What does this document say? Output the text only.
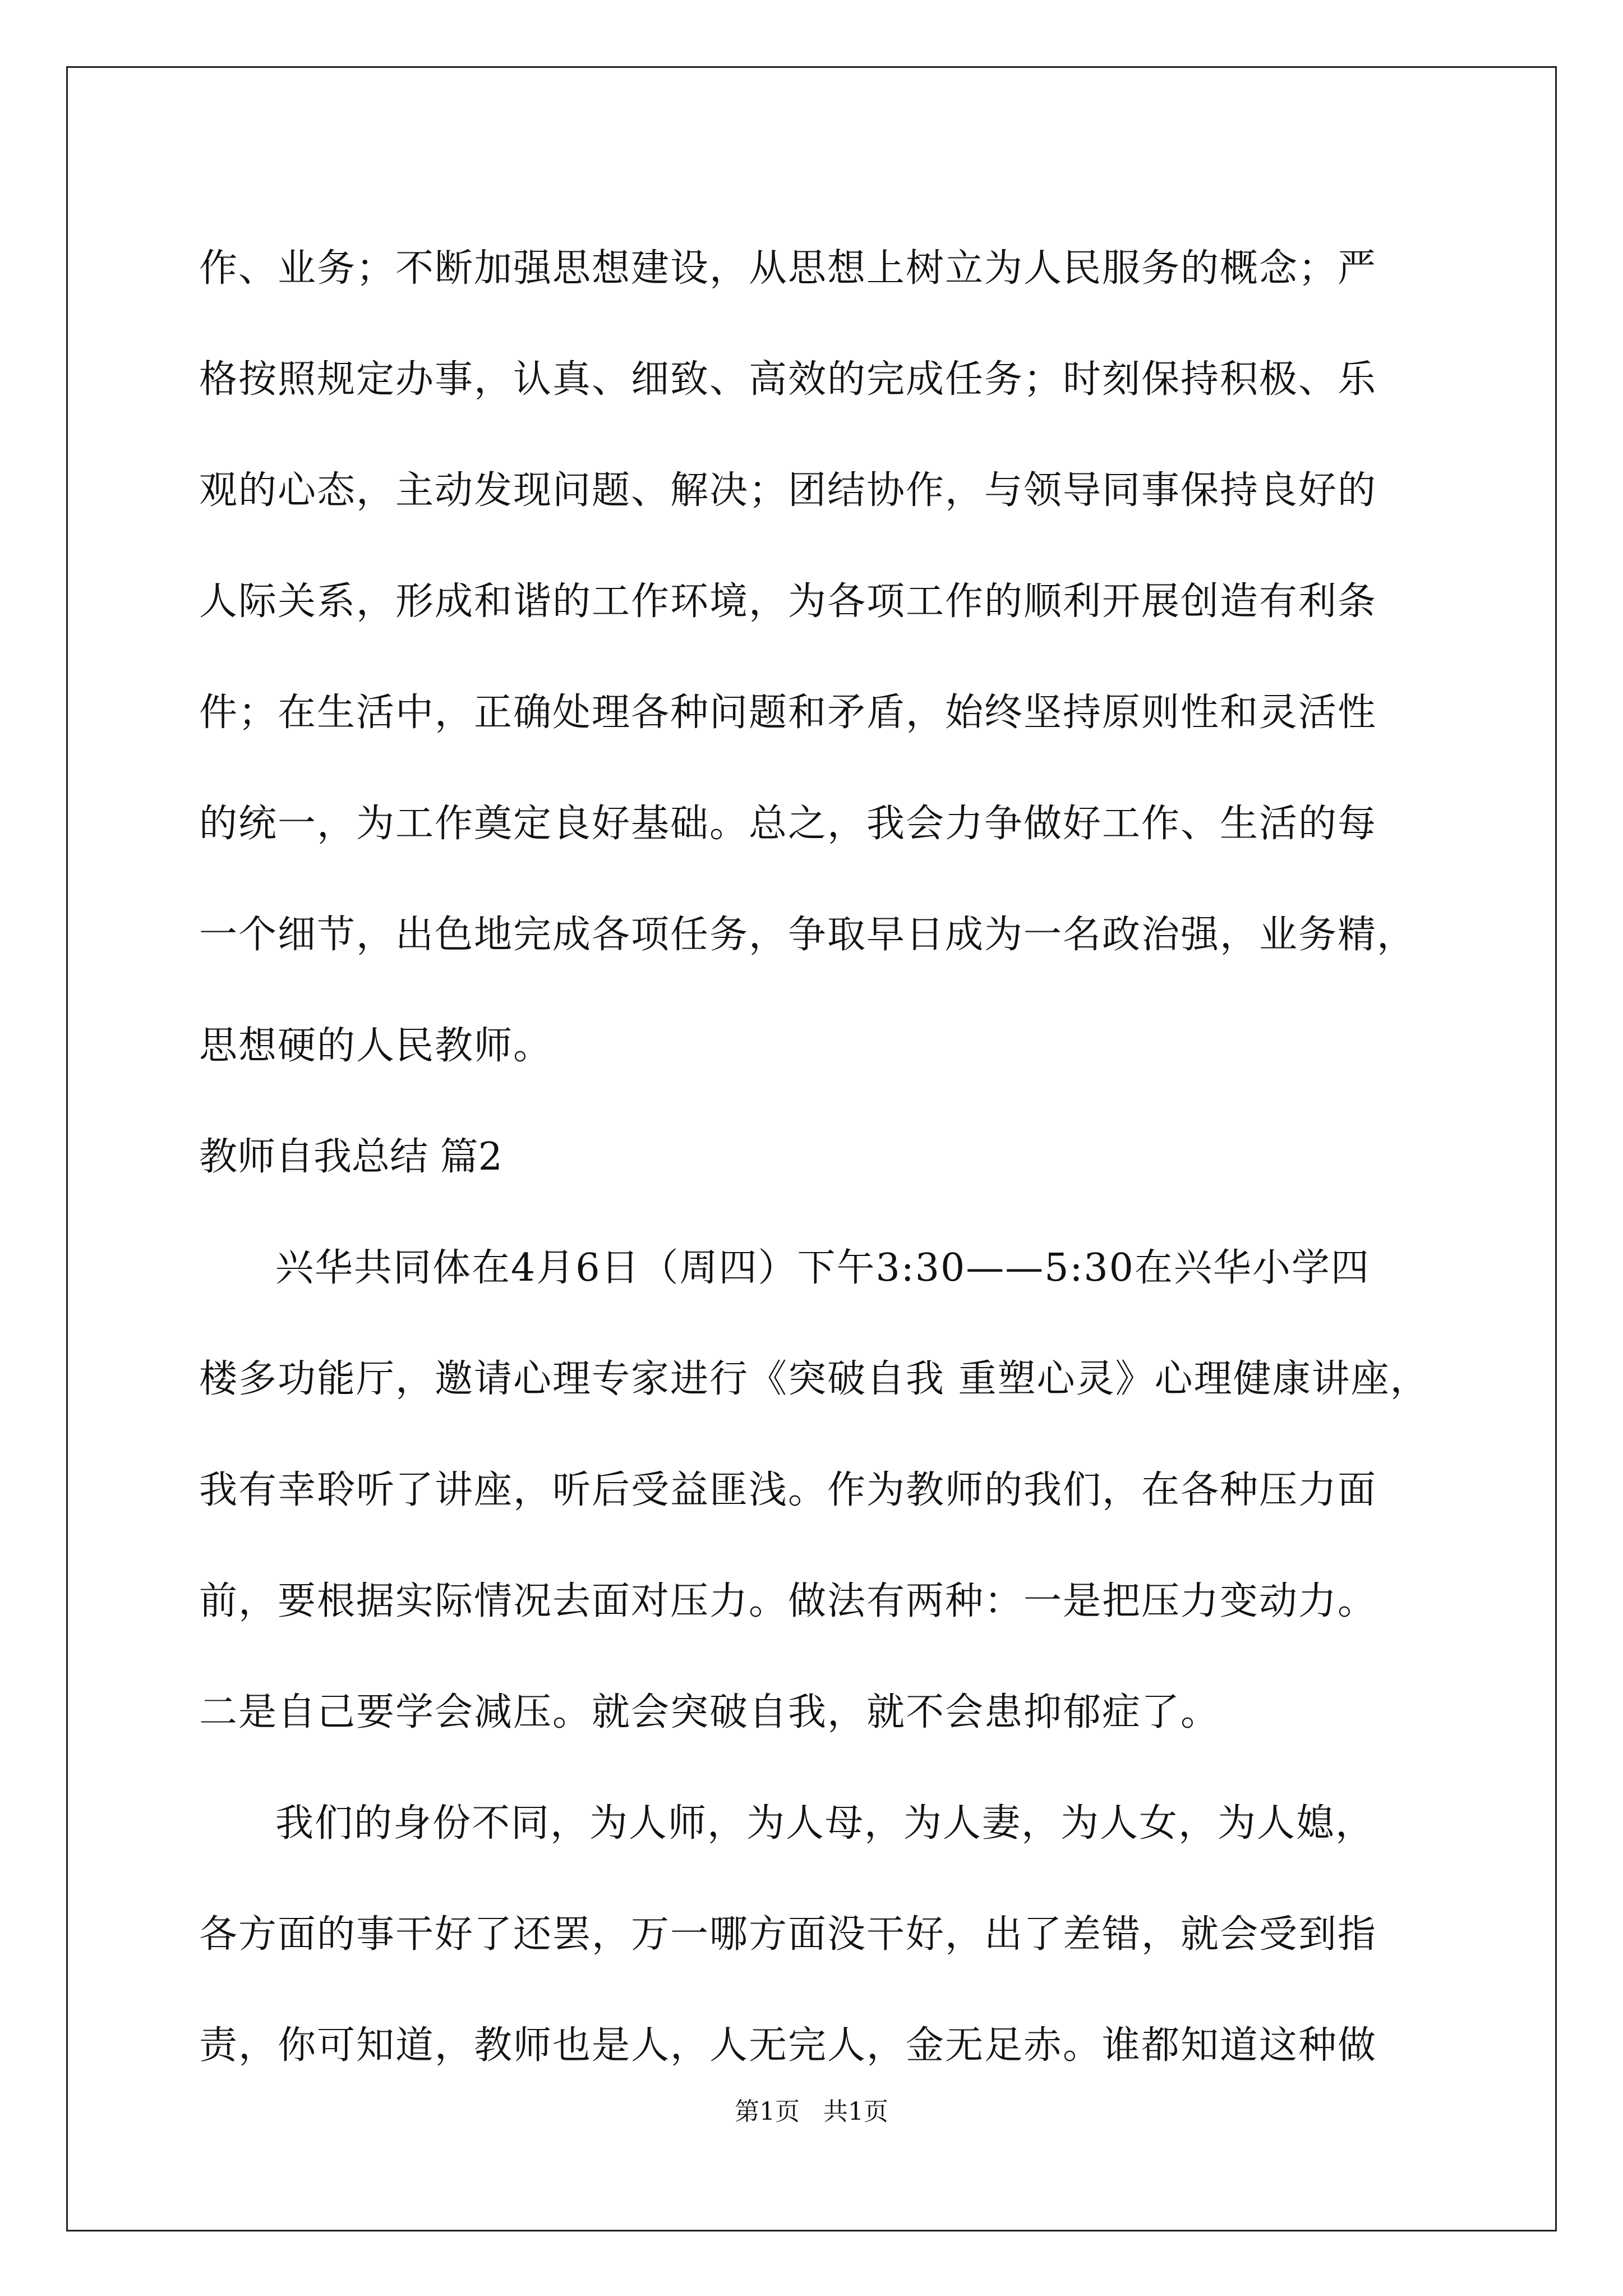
作、业务；不断加强思想建设，从思想上树立为人民服务的概念；严
格按照规定办事，认真、细致、高效的完成任务；时刻保持积极、乐
观的心态，主动发现问题、解决；团结协作，与领导同事保持良好的
人际关系，形成和谐的工作环境，为各项工作的顺利开展创造有利条
件；在生活中，正确处理各种问题和矛盾，始终坚持原则性和灵活性
的统一，为工作奠定良好基础。总之，我会力争做好工作、生活的每
一个细节，出色地完成各项任务，争取早日成为一名政治强，业务精，
思想硬的人民教师。
教师自我总结 篇2
兴华共同体在4月6日（周四）下午3:30——5:30在兴华小学四
楼多功能厅，邀请心理专家进行《突破自我 重塑心灵》心理健康讲座，
我有幸聆听了讲座，听后受益匪浅。作为教师的我们，在各种压力面
前，要根据实际情况去面对压力。做法有两种：一是把压力变动力。
二是自己要学会减压。就会突破自我，就不会患抑郁症了。
我们的身份不同，为人师，为人母，为人妻，为人女，为人媳，
各方面的事干好了还罢，万一哪方面没干好，出了差错，就会受到指
责，你可知道，教师也是人，人无完人，金无足赤。谁都知道这种做
第1页   共1页
